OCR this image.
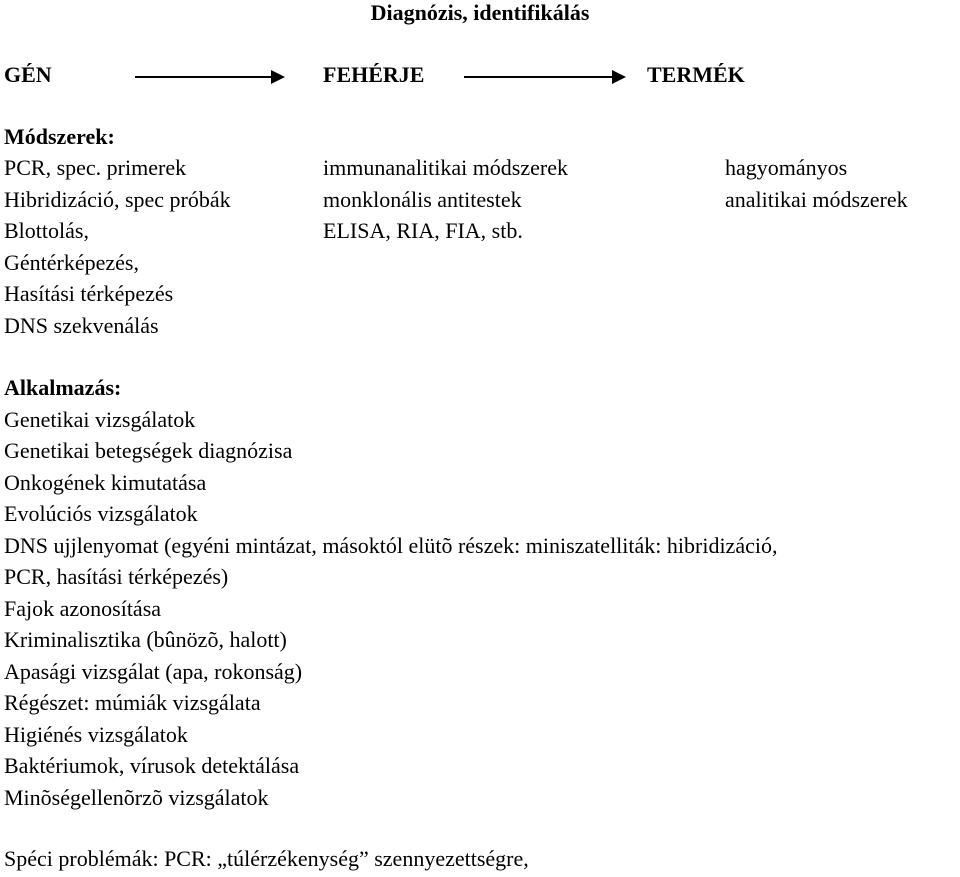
Diagnózis, identifikálás
GÉN	FEHÉRJE	TERMÉK
Módszerek:
PCR, spec. primerek
Hibridizáció, spec próbák
Blottolás,
Géntérképezés,
Hasítási térképezés
DNS szekvenálás
immunanalitikai módszerek
monklonális antitestek
ELISA, RIA, FIA, stb.
hagyományos
analitikai módszerek
Alkalmazás:
Genetikai vizsgálatok
Genetikai betegségek diagnózisa
Onkogének kimutatása
Evolúciós vizsgálatok
DNS ujjlenyomat (egyéni mintázat, másoktól elütõ részek: miniszatelliták: hibridizáció,
PCR, hasítási térképezés)
Fajok azonosítása
Kriminalisztika (bûnözõ, halott)
Apasági vizsgálat (apa, rokonság)
Régészet: múmiák vizsgálata
Higiénés vizsgálatok
Baktériumok, vírusok detektálása
Minõségellenõrzõ vizsgálatok
Spéci problémák: PCR: „túlérzékenység” szennyezettségre,
